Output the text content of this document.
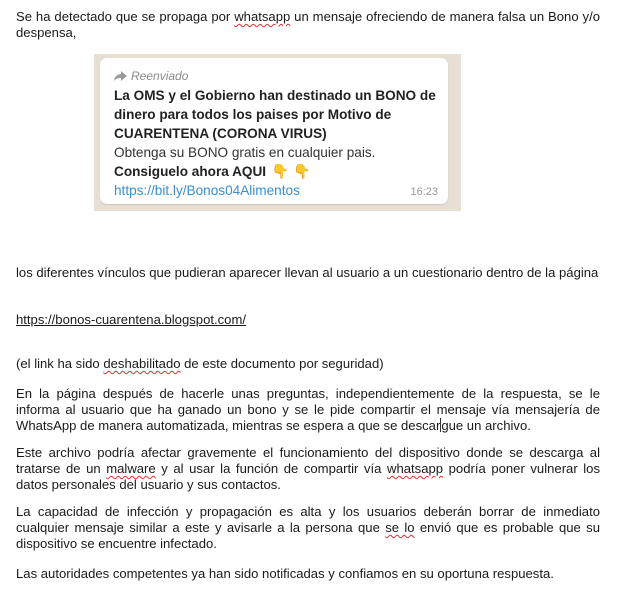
Se ha detectado que se propaga por whatsapp un mensaje ofreciendo de manera falsa un Bono y/o despensa,

Reenviado
La OMS y el Gobierno han destinado un BONO de
dinero para todos los paises por Motivo de
CUARENTENA (CORONA VIRUS)
Obtenga su BONO gratis en cualquier pais.
Consiguelo ahora AQUI 👇 👇
https://bit.ly/Bonos04Alimentos	16:23

los diferentes vínculos que pudieran aparecer llevan al usuario a un cuestionario dentro de la página

https://bonos-cuarentena.blogspot.com/

(el link ha sido deshabilitado de este documento por seguridad)

En la página después de hacerle unas preguntas, independientemente de la respuesta, se le informa al usuario que ha ganado un bono y se le pide compartir el mensaje vía mensajería de WhatsApp de manera automatizada, mientras se espera a que se descargue un archivo.

Este archivo podría afectar gravemente el funcionamiento del dispositivo donde se descarga al tratarse de un malware y al usar la función de compartir vía whatsapp podría poner vulnerar los datos personales del usuario y sus contactos.

La capacidad de infección y propagación es alta y los usuarios deberán borrar de inmediato cualquier mensaje similar a este y avisarle a la persona que se lo envió que es probable que su dispositivo se encuentre infectado.

Las autoridades competentes ya han sido notificadas y confiamos en su oportuna respuesta.
